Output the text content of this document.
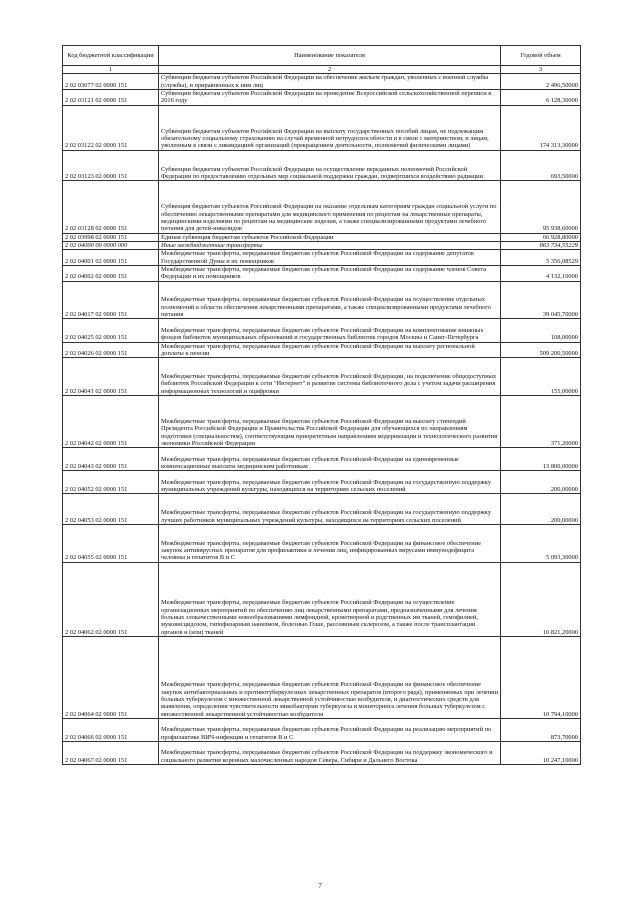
Код бюджетной классификации	Наименование показателя	Годовой объем
1	2	3
2 02 03077 02 0000 151	Субвенции бюджетам субъектов Российской Федерации на обеспечение жильем граждан, уволенных с военной службы (службы), и приравненных к ним лиц	2 496,50000
2 02 03121 02 0000 151	Субвенции бюджетам субъектов Российской Федерации на проведение Всероссийской сельскохозяйственной переписи в 2016 году	6 128,30000
2 02 03122 02 0000 151	Субвенции бюджетам субъектов Российской Федерации на выплату государственных пособий лицам, не подлежащим обязательному социальному страхованию на случай временной нетрудоспособности и в связи с материнством, и лицам, уволенным в связи с ликвидацией организаций (прекращением деятельности, полномочий физическими лицами)	174 313,30000
2 02 03123 02 0000 151	Субвенции бюджетам субъектов Российской Федерации на осуществление переданных полномочий Российской Федерации по предоставлению отдельных мер социальной поддержки граждан, подвергшихся воздействию радиации	693,50000
2 02 03128 02 0000 151	Субвенция бюджетам субъектов Российской Федерации на оказание отдельным категориям граждан социальной услуги по обеспечению лекарственными препаратами для медицинского применения по рецептам на лекарственные препараты, медицинскими изделиями по рецептам на медицинские изделия, а также специализированными продуктами лечебного питания для детей-инвалидов	95 938,60000
2 02 03998 02 0000 151	Единая субвенция бюджетам субъектов Российской Федерации	66 928,80000
2 02 04000 00 0000 000	Иные межбюджетные трансферты	863 734,55229
2 02 04001 02 0000 151	Межбюджетные трансферты, передаваемые бюджетам субъектов Российской Федерации на содержание депутатов Государственной Думы и их помощников	5 356,08529
2 02 04002 02 0000 151	Межбюджетные трансферты, передаваемые бюджетам субъектов Российской Федерации на содержание членов Совета Федерации и их помощников	4 132,10000
2 02 04017 02 0000 151	Межбюджетные трансферты, передаваемые бюджетам субъектов Российской Федерации на осуществление отдельных полномочий в области обеспечения лекарственными препаратами, а также специализированными продуктами лечебного питания	39 045,70000
2 02 04025 02 0000 151	Межбюджетные трансферты, передаваемые бюджетам субъектов Российской Федерации на комплектование книжных фондов библиотек муниципальных образований и государственных библиотек городов Москвы и Санкт-Петербурга	108,00000
2 02 04026 02 0000 151	Межбюджетные трансферты, передаваемые бюджетам субъектов Российской Федерации на выплату региональной доплаты к пенсии	509 200,50000
2 02 04041 02 0000 151	Межбюджетные трансферты, передаваемые бюджетам субъектов Российской Федерации, на подключение общедоступных библиотек Российской Федерации к сети "Интернет" и развитие системы библиотечного дела с учетом задачи расширения информационных технологий и оцифровки	155,00000
2 02 04042 02 0000 151	Межбюджетные трансферты, передаваемые бюджетам субъектов Российской Федерации на выплату стипендий Президента Российской Федерации и Правительства Российской Федерации для обучающихся по направлениям подготовки (специальностям), соответствующим приоритетным направлениям модернизации и технологического развития экономики Российской Федерации	371,20000
2 02 04043 02 0000 151	Межбюджетные трансферты, передаваемые бюджетам субъектов Российской Федерации на единовременные компенсационные выплаты медицинским работникам	13 800,00000
2 02 04052 02 0000 151	Межбюджетные трансферты, передаваемые бюджетам субъектов Российской Федерации на государственную поддержку муниципальных учреждений культуры, находящихся на территориях сельских поселений	200,00000
2 02 04053 02 0000 151	Межбюджетные трансферты, передаваемые бюджетам субъектов Российской Федерации на государственную поддержку лучших работников муниципальных учреждений культуры, находящихся на территориях сельских поселений	200,00000
2 02 04055 02 0000 151	Межбюджетные трансферты, передаваемые бюджетам субъектов Российской Федерации на финансовое обеспечение закупок антивирусных препаратов для профилактики и лечения лиц, инфицированных вирусами иммунодефицита человека и гепатитов В и С	5 093,30000
2 02 04062 02 0000 151	Межбюджетные трансферты, передаваемые бюджетам субъектов Российской Федерации на осуществление организационных мероприятий по обеспечению лиц лекарственными препаратами, предназначенными для лечения больных злокачественными новообразованиями лимфоидной, кроветворной и родственных им тканей, гемофилией, муковисцидозом, гипофизарным нанизмом, болезнью Гоше, рассеянным склерозом, а также после трансплантации органов и (или) тканей	10 821,20000
2 02 04064 02 0000 151	Межбюджетные трансферты, передаваемые бюджетам субъектов Российской Федерации на финансовое обеспечение закупок антибактериальных и противотуберкулезных лекарственных препаратов (второго ряда), применяемых при лечении больных туберкулезом с множественной лекарственной устойчивостью возбудителя, и диагностических средств для выявления, определения чувствительности микобактерии туберкулеза и мониторинга лечения больных туберкулезом с множественной лекарственной устойчивостью возбудителя	10 794,10000
2 02 04066 02 0000 151	Межбюджетные трансферты, передаваемые бюджетам субъектов Российской Федерации на реализацию мероприятий по профилактике ВИЧ-инфекции и гепатитов В и С	873,70000
2 02 04067 02 0000 151	Межбюджетные трансферты, передаваемые бюджетам субъектов Российской Федерации на поддержку экономического и социального развития коренных малочисленных народов Севера, Сибири и Дальнего Востока	10 247,10000
7
